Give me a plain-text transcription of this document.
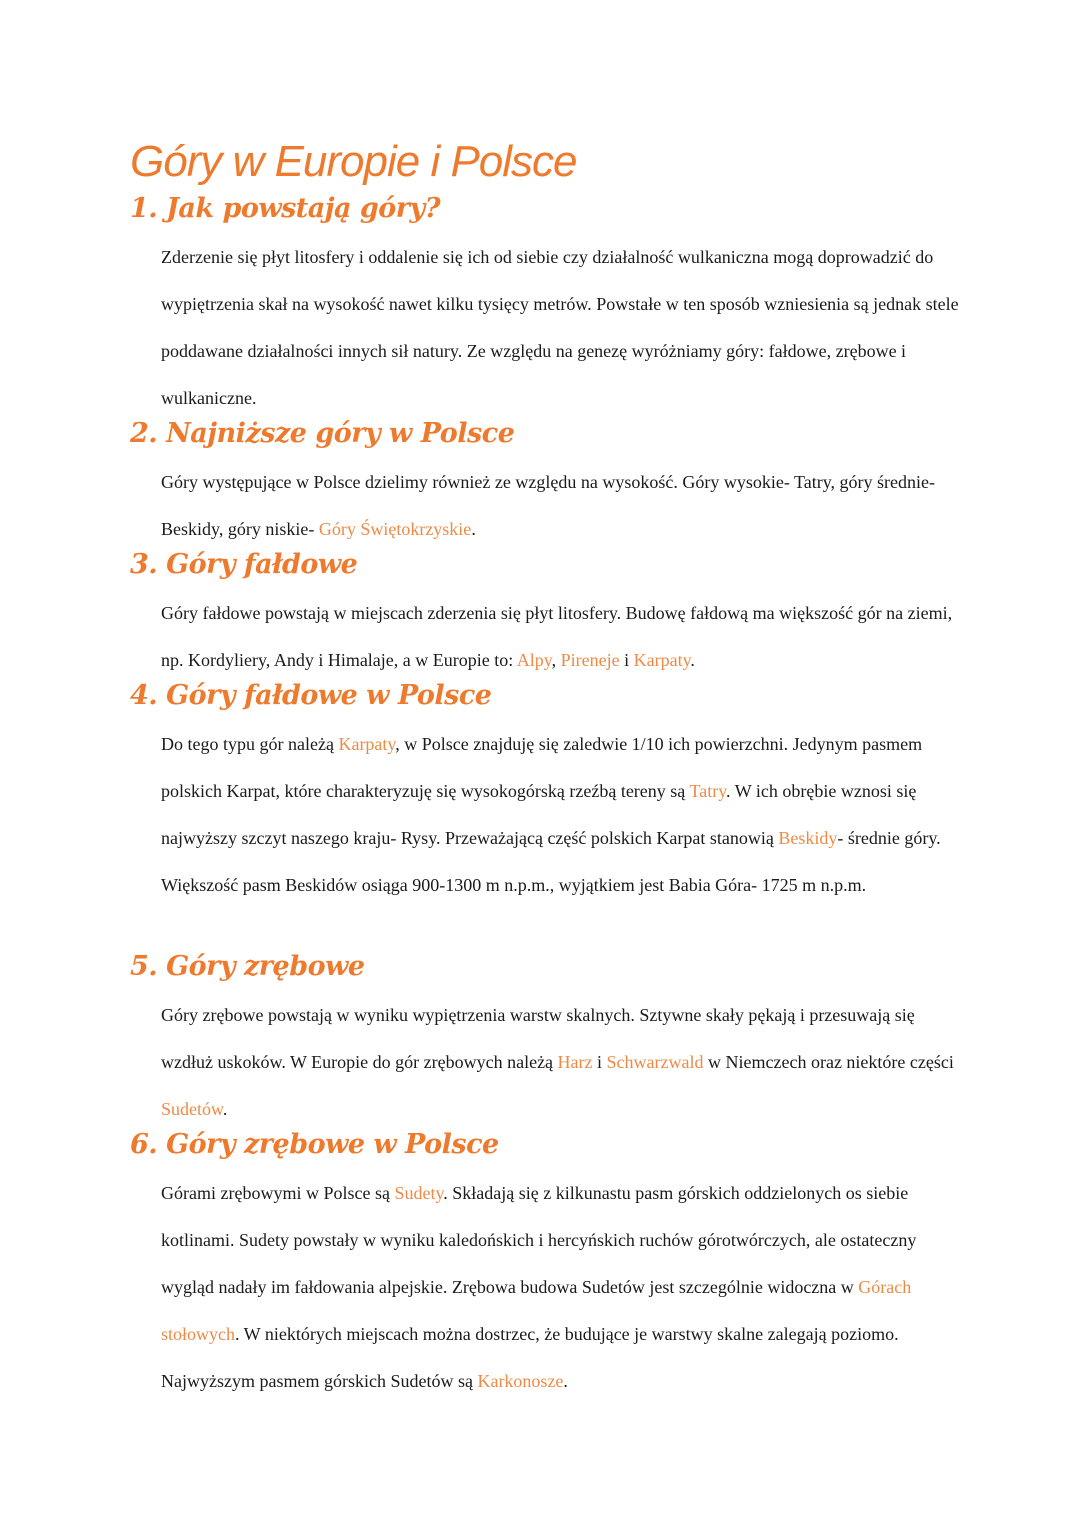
Góry w Europie i Polsce
1. Jak powstają góry?

Zderzenie się płyt litosfery i oddalenie się ich od siebie czy działalność wulkaniczna mogą doprowadzić do wypiętrzenia skał na wysokość nawet kilku tysięcy metrów. Powstałe w ten sposób wzniesienia są jednak stele poddawane działalności innych sił natury. Ze względu na genezę wyróżniamy góry: fałdowe, zrębowe i wulkaniczne.

2. Najniższe góry w Polsce

Góry występujące w Polsce dzielimy również ze względu na wysokość. Góry wysokie- Tatry, góry średnie- Beskidy, góry niskie- Góry Świętokrzyskie.

3. Góry fałdowe

Góry fałdowe powstają w miejscach zderzenia się płyt litosfery. Budowę fałdową ma większość gór na ziemi, np. Kordyliery, Andy i Himalaje, a w Europie to: Alpy, Pireneje i Karpaty.

4. Góry fałdowe w Polsce

Do tego typu gór należą Karpaty, w Polsce znajduję się zaledwie 1/10 ich powierzchni. Jedynym pasmem polskich Karpat, które charakteryzuję się wysokogórską rzeźbą tereny są Tatry. W ich obrębie wznosi się najwyższy szczyt naszego kraju- Rysy. Przeważającą część polskich Karpat stanowią Beskidy- średnie góry. Większość pasm Beskidów osiąga 900-1300 m n.p.m., wyjątkiem jest Babia Góra- 1725 m n.p.m.

5. Góry zrębowe

Góry zrębowe powstają w wyniku wypiętrzenia warstw skalnych. Sztywne skały pękają i przesuwają się wzdłuż uskoków. W Europie do gór zrębowych należą Harz i Schwarzwald w Niemczech oraz niektóre części Sudetów.

6. Góry zrębowe w Polsce

Górami zrębowymi w Polsce są Sudety. Składają się z kilkunastu pasm górskich oddzielonych os siebie kotlinami. Sudety powstały w wyniku kaledońskich i hercyńskich ruchów górotwórczych, ale ostateczny wygląd nadały im fałdowania alpejskie. Zrębowa budowa Sudetów jest szczególnie widoczna w Górach stołowych. W niektórych miejscach można dostrzec, że budujące je warstwy skalne zalegają poziomo. Najwyższym pasmem górskich Sudetów są Karkonosze.
